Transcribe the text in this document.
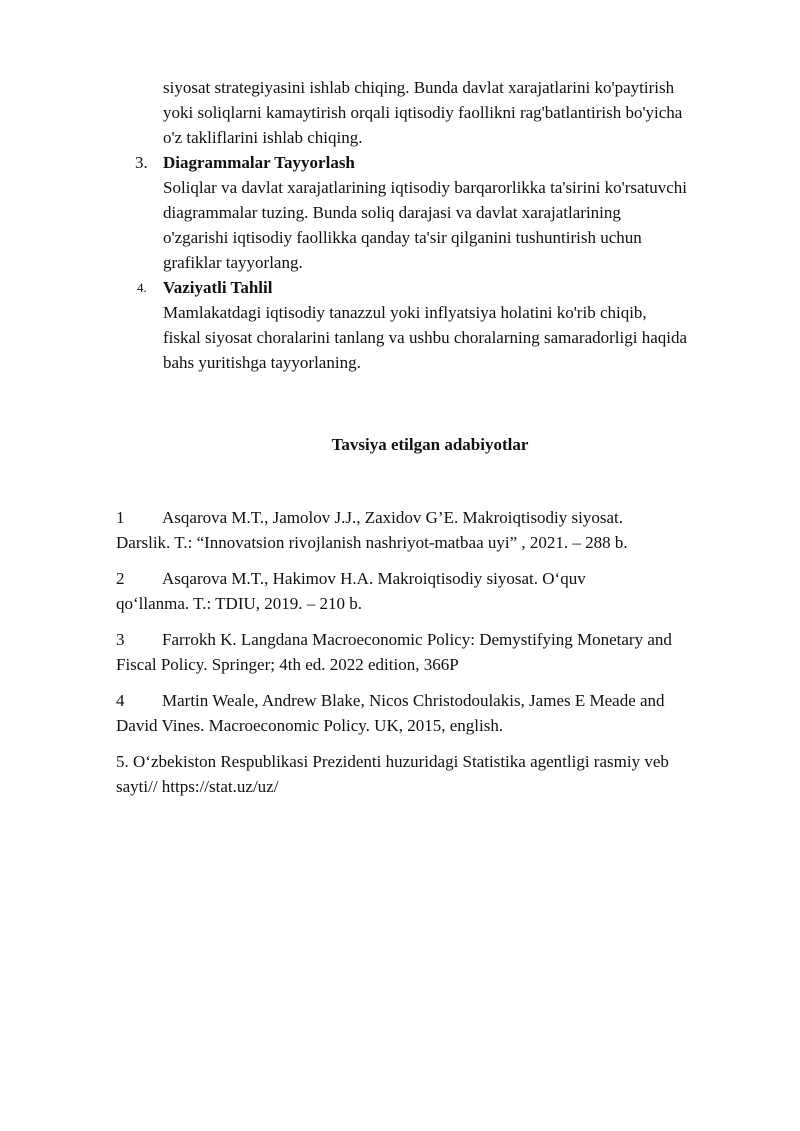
siyosat strategiyasini ishlab chiqing. Bunda davlat xarajatlarini ko'paytirish
yoki soliqlarni kamaytirish orqali iqtisodiy faollikni rag'batlantirish bo'yicha
o'z takliflarini ishlab chiqing.
3. Diagrammalar Tayyorlash
Soliqlar va davlat xarajatlarining iqtisodiy barqarorlikka ta'sirini ko'rsatuvchi
diagrammalar tuzing. Bunda soliq darajasi va davlat xarajatlarining
o'zgarishi iqtisodiy faollikka qanday ta'sir qilganini tushuntirish uchun
grafiklar tayyorlang.
4. Vaziyatli Tahlil
Mamlakatdagi iqtisodiy tanazzul yoki inflyatsiya holatini ko'rib chiqib,
fiskal siyosat choralarini tanlang va ushbu choralarning samaradorligi haqida
bahs yuritishga tayyorlaning.
Tavsiya etilgan adabiyotlar
1 Asqarova M.T., Jamolov J.J., Zaxidov G’E. Makroiqtisodiy siyosat.
Darslik. T.: “Innovatsion rivojlanish nashriyot-matbaa uyi” , 2021. – 288 b.
2 Asqarova M.T., Hakimov H.A. Makroiqtisodiy siyosat. O‘quv
qo‘llanma. T.: TDIU, 2019. – 210 b.
3 Farrokh K. Langdana Macroeconomic Policy: Demystifying Monetary and
Fiscal Policy. Springer; 4th ed. 2022 edition, 366P
4 Martin Weale, Andrew Blake, Nicos Christodoulakis, James E Meade and
David Vines. Macroeconomic Policy. UK, 2015, english.
5. O‘zbekiston Respublikasi Prezidenti huzuridagi Statistika agentligi rasmiy veb
sayti// https://stat.uz/uz/
